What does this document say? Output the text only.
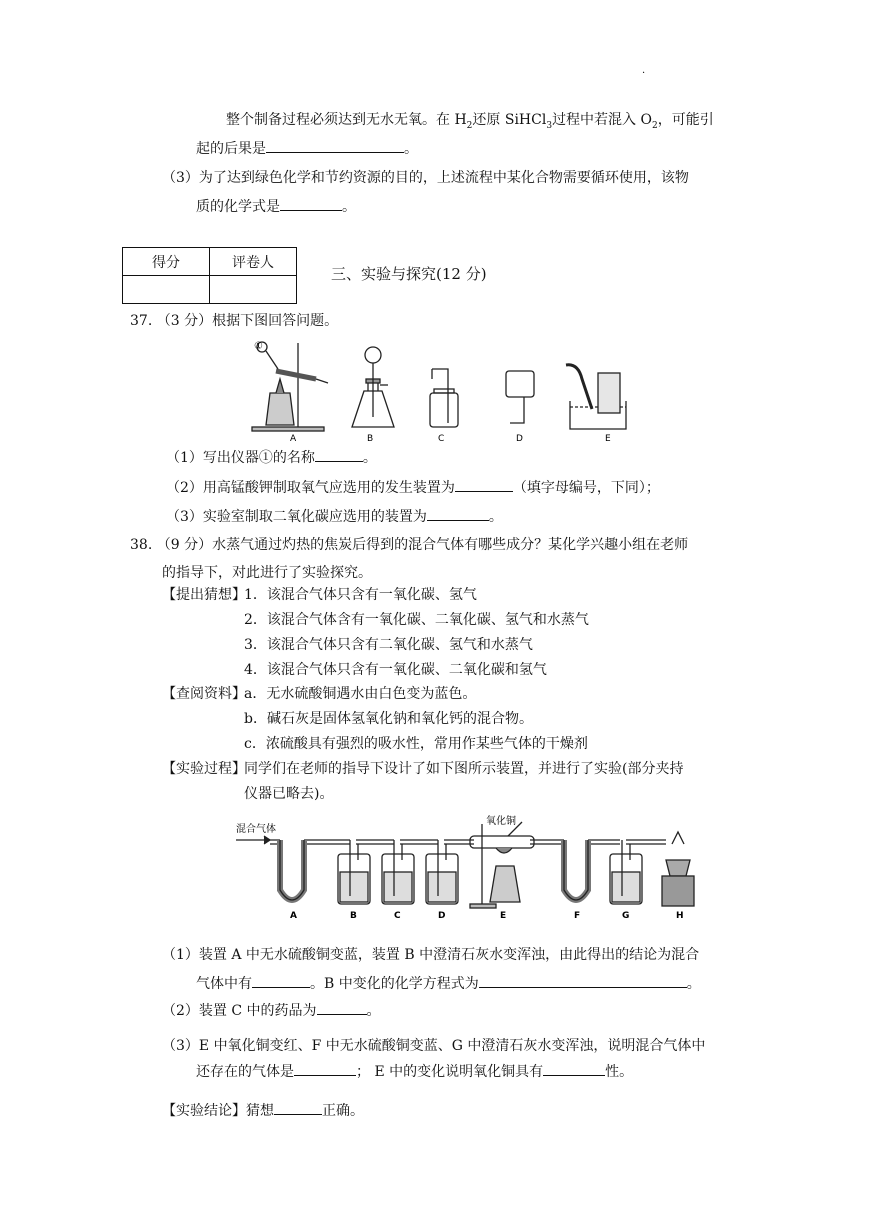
·
整个制备过程必须达到无水无氧。在 $H_2$还原 SiHCl$_3$过程中若混入 $O_2$，可能引
起的后果是	。
（3）为了达到绿色化学和节约资源的目的，上述流程中某化合物需要循环使用，该物
质的化学式是	。
得分	评卷人

三、实验与探究(12 分)
37. （3 分）根据下图回答问题。
①
A	B	C	D	E
（1）写出仪器①的名称	。
（2）用高锰酸钾制取氧气应选用的发生装置为	（填字母编号，下同）；
（3）实验室制取二氧化碳应选用的装置为	。
38. （9 分）水蒸气通过灼热的焦炭后得到的混合气体有哪些成分？某化学兴趣小组在老师
的指导下，对此进行了实验探究。
【提出猜想】
1．该混合气体只含有一氧化碳、氢气
2．该混合气体含有一氧化碳、二氧化碳、氢气和水蒸气
3．该混合气体只含有二氧化碳、氢气和水蒸气
4．该混合气体只含有一氧化碳、二氧化碳和氢气
【查阅资料】
a．无水硫酸铜遇水由白色变为蓝色。
b．碱石灰是固体氢氧化钠和氧化钙的混合物。
c．浓硫酸具有强烈的吸水性，常用作某些气体的干燥剂
【实验过程】
同学们在老师的指导下设计了如下图所示装置，并进行了实验(部分夹持
仪器已略去)。
混合气体
氧化铜
A	B	C	D	E	F	G	H
（1）装置 A 中无水硫酸铜变蓝，装置 B 中澄清石灰水变浑浊，由此得出的结论为混合
气体中有	。B 中变化的化学方程式为	。
（2）装置 C 中的药品为	。
（3）E 中氧化铜变红、F 中无水硫酸铜变蓝、G 中澄清石灰水变浑浊，说明混合气体中
还存在的气体是	； E 中的变化说明氧化铜具有	性。
【实验结论】猜想	正确。
